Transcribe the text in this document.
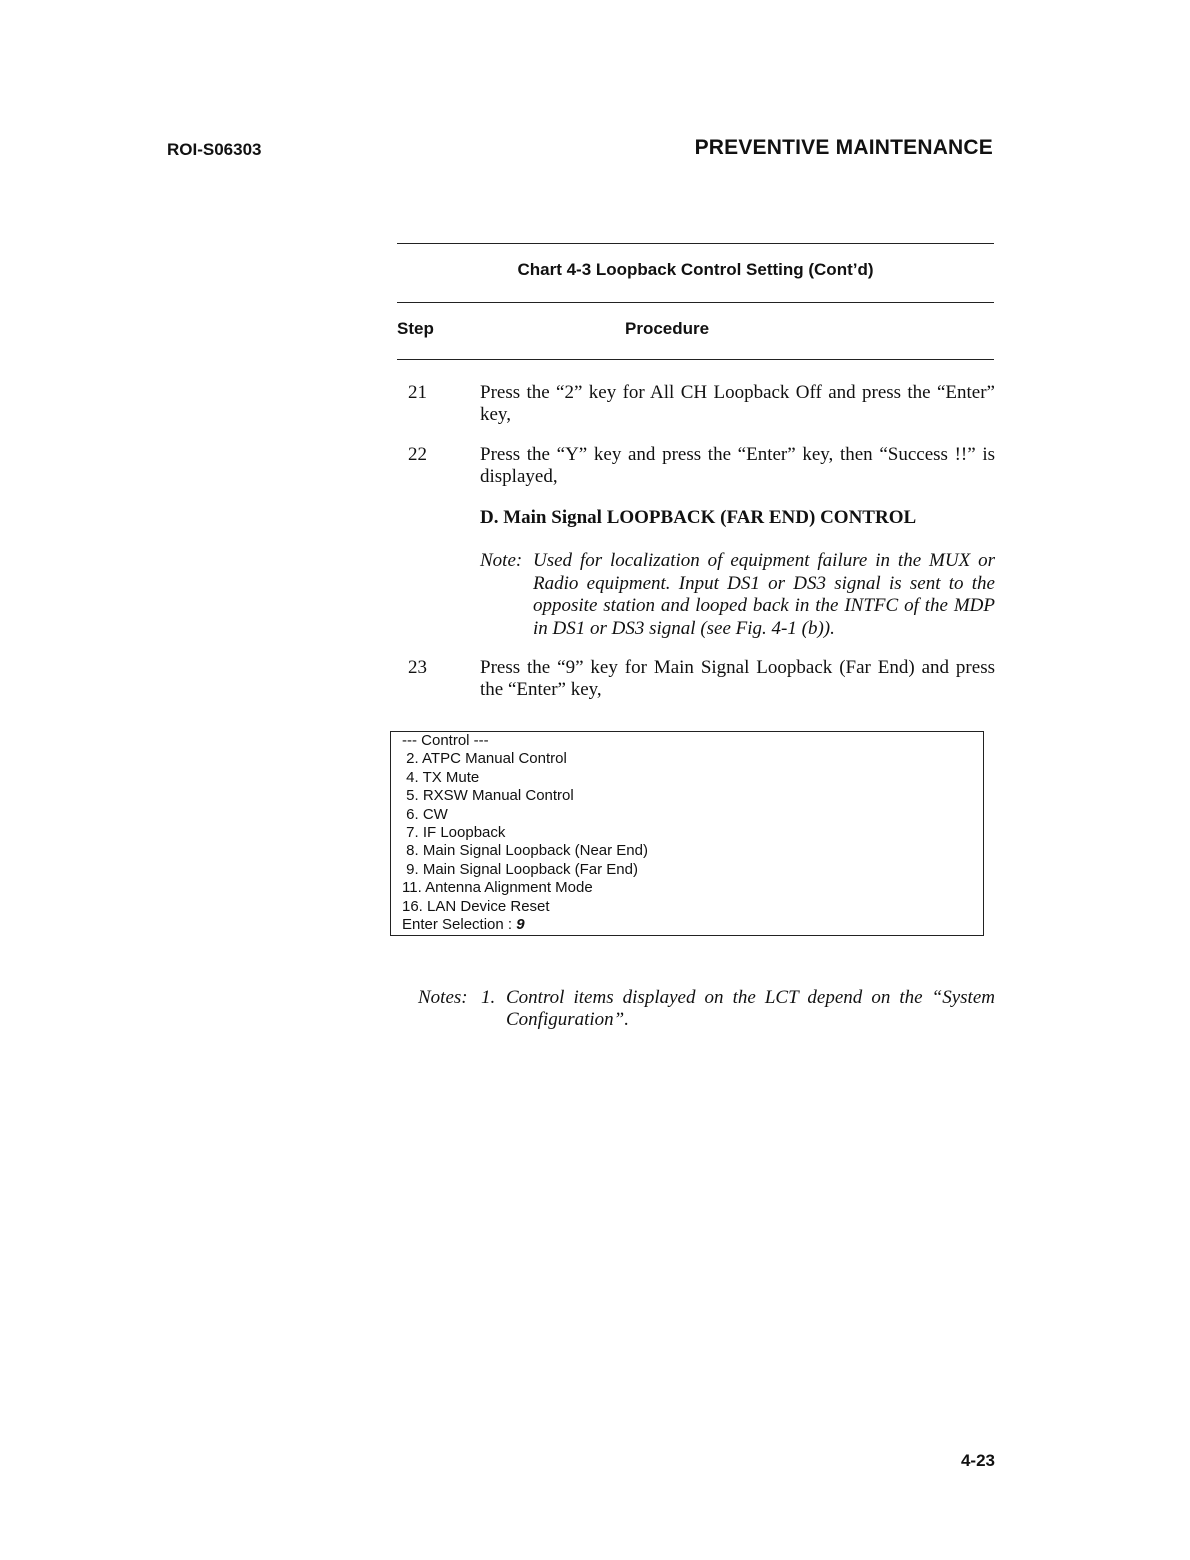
ROI-S06303	PREVENTIVE MAINTENANCE
Chart 4-3 Loopback Control Setting (Cont’d)
Step	Procedure
21	Press the “2” key for All CH Loopback Off and press the “Enter” key,
22	Press the “Y” key and press the “Enter” key, then “Success !!” is displayed,
D. Main Signal LOOPBACK (FAR END) CONTROL
Note: Used for localization of equipment failure in the MUX or Radio equipment. Input DS1 or DS3 signal is sent to the opposite station and looped back in the INTFC of the MDP in DS1 or DS3 signal (see Fig. 4-1 (b)).
23	Press the “9” key for Main Signal Loopback (Far End) and press the “Enter” key,
--- Control ---
2. ATPC Manual Control
4. TX Mute
5. RXSW Manual Control
6. CW
7. IF Loopback
8. Main Signal Loopback (Near End)
9. Main Signal Loopback (Far End)
11. Antenna Alignment Mode
16. LAN Device Reset
Enter Selection : 9
Notes: 1. Control items displayed on the LCT depend on the “System Configuration”.
4-23
